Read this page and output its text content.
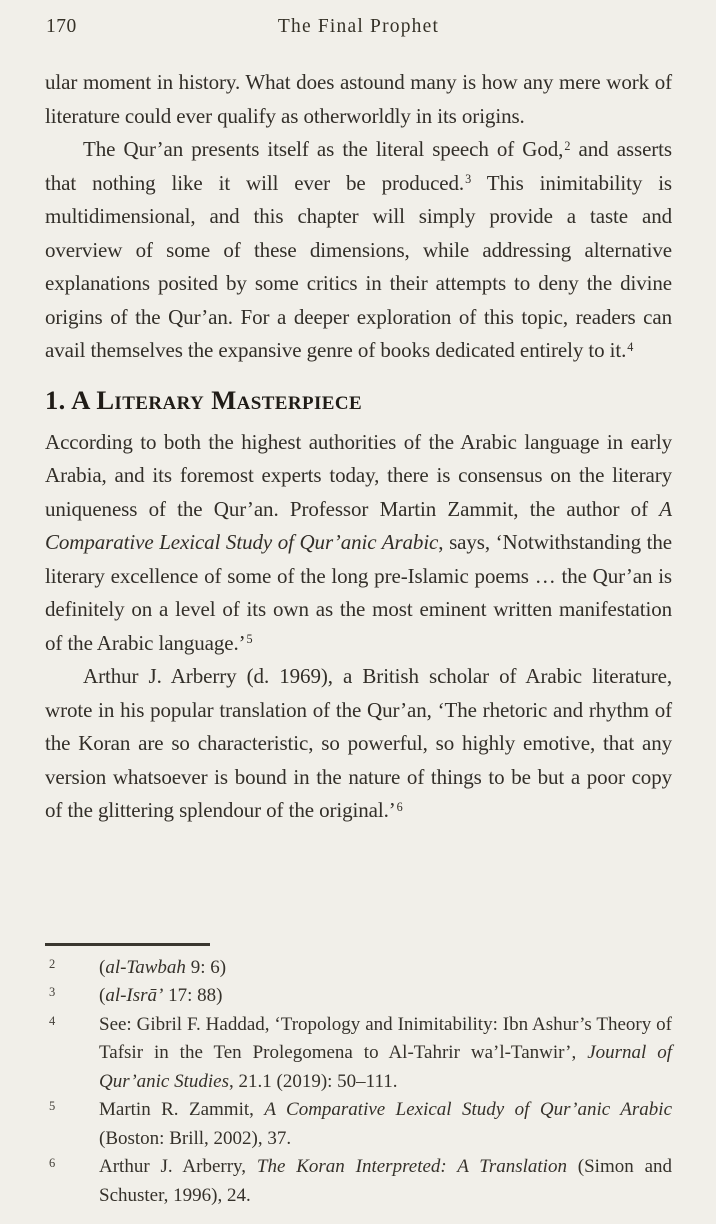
170	The Final Prophet

ular moment in history. What does astound many is how any mere work of literature could ever qualify as otherworldly in its origins.

The Qur’an presents itself as the literal speech of God,$^2$ and asserts that nothing like it will ever be produced.$^3$ This inimitability is multidimensional, and this chapter will simply provide a taste and overview of some of these dimensions, while addressing alternative explanations posited by some critics in their attempts to deny the divine origins of the Qur’an. For a deeper exploration of this topic, readers can avail themselves the expansive genre of books dedicated entirely to it.$^4$

1. A Literary Masterpiece

According to both the highest authorities of the Arabic language in early Arabia, and its foremost experts today, there is consensus on the literary uniqueness of the Qur’an. Professor Martin Zammit, the author of A Comparative Lexical Study of Qur’anic Arabic, says, ‘Notwithstanding the literary excellence of some of the long pre-Islamic poems … the Qur’an is definitely on a level of its own as the most eminent written manifestation of the Arabic language.’$^5$

Arthur J. Arberry (d. 1969), a British scholar of Arabic literature, wrote in his popular translation of the Qur’an, ‘The rhetoric and rhythm of the Koran are so characteristic, so powerful, so highly emotive, that any version whatsoever is bound in the nature of things to be but a poor copy of the glittering splendour of the original.’$^6$

2	(al-Tawbah 9: 6)
3	(al-Isrā’ 17: 88)
4	See: Gibril F. Haddad, ‘Tropology and Inimitability: Ibn Ashur’s Theory of Tafsir in the Ten Prolegomena to Al-Tahrir wa’l-Tanwir’, Journal of Qur’anic Studies, 21.1 (2019): 50–111.
5	Martin R. Zammit, A Comparative Lexical Study of Qur’anic Arabic (Boston: Brill, 2002), 37.
6	Arthur J. Arberry, The Koran Interpreted: A Translation (Simon and Schuster, 1996), 24.
